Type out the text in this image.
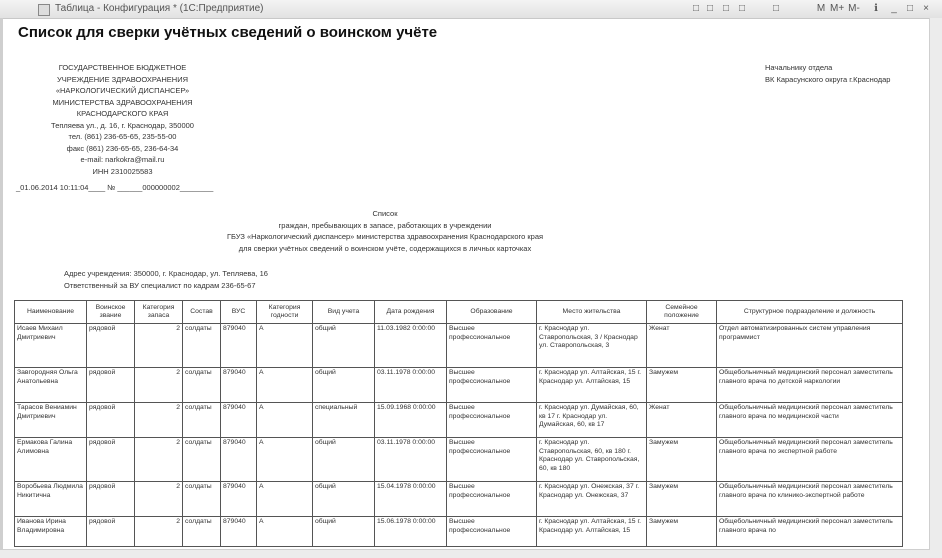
Таблица - Конфигурация * (1С:Предприятие)	□ □ □ □	□	M M+ M-	ℹ	_	□	×
Список для сверки учётных сведений о воинском учёте
ГОСУДАРСТВЕННОЕ БЮДЖЕТНОЕ
УЧРЕЖДЕНИЕ ЗДРАВООХРАНЕНИЯ
«НАРКОЛОГИЧЕСКИЙ ДИСПАНСЕР»
МИНИСТЕРСТВА ЗДРАВООХРАНЕНИЯ
КРАСНОДАРСКОГО КРАЯ
Тепляева ул., д. 16, г. Краснодар, 350000
тел. (861) 236-65-65, 235-55-00
факс (861) 236-65-65, 236-64-34
e-mail: narkokra@mail.ru
ИНН 2310025583
_01.06.2014 10:11:04____ № ______000000002________
Начальнику отдела
ВК Карасунского округа г.Краснодар
Список
граждан, пребывающих в запасе, работающих в учреждении
ГБУЗ «Наркологический диспансер» министерства здравоохранения Краснодарского края
для сверки учётных сведений о воинском учёте, содержащихся в личных карточках
Адрес учреждения: 350000, г. Краснодар, ул. Тепляева, 16
Ответственный за ВУ специалист по кадрам 236-65-67
Наименование	Воинское звание	Категория запаса	Состав	ВУС	Категория годности	Вид учета	Дата рождения	Образование	Место жительства	Семейное положение	Структурное подразделение и должность
Исаев Михаил Дмитриевич	рядовой	2	солдаты	879040	А	общий	11.03.1982 0:00:00	Высшее профессиональное	г. Краснодар ул. Ставропольская, 3 / Краснодар ул. Ставропольская, 3	Женат	Отдел автоматизированных систем управления программист
Завгородняя Ольга Анатольевна	рядовой	2	солдаты	879040	А	общий	03.11.1978 0:00:00	Высшее профессиональное	г. Краснодар ул. Алтайская, 15 г. Краснодар ул. Алтайская, 15	Замужем	Общебольничный медицинский персонал заместитель главного врача по детской наркологии
Тарасов Вениамин Дмитриевич	рядовой	2	солдаты	879040	А	специальный	15.09.1968 0:00:00	Высшее профессиональное	г. Краснодар ул. Думайская, 60, кв 17 г. Краснодар ул. Думайская, 60, кв 17	Женат	Общебольничный медицинский персонал заместитель главного врача по медицинской части
Ермакова Галина Алимовна	рядовой	2	солдаты	879040	А	общий	03.11.1978 0:00:00	Высшее профессиональное	г. Краснодар ул. Ставропольская, 60, кв 180 г. Краснодар ул. Ставропольская, 60, кв 180	Замужем	Общебольничный медицинский персонал заместитель главного врача по экспертной работе
Воробьева Людмила Никитична	рядовой	2	солдаты	879040	А	общий	15.04.1978 0:00:00	Высшее профессиональное	г. Краснодар ул. Онежская, 37 г. Краснодар ул. Онежская, 37	Замужем	Общебольничный медицинский персонал заместитель главного врача по клинико-экспертной работе
Иванова Ирина Владимировна	рядовой	2	солдаты	879040	А	общий	15.06.1978 0:00:00	Высшее профессиональное	г. Краснодар ул. Алтайская, 15 г. Краснодар ул. Алтайская, 15	Замужем	Общебольничный медицинский персонал заместитель главного врача по
